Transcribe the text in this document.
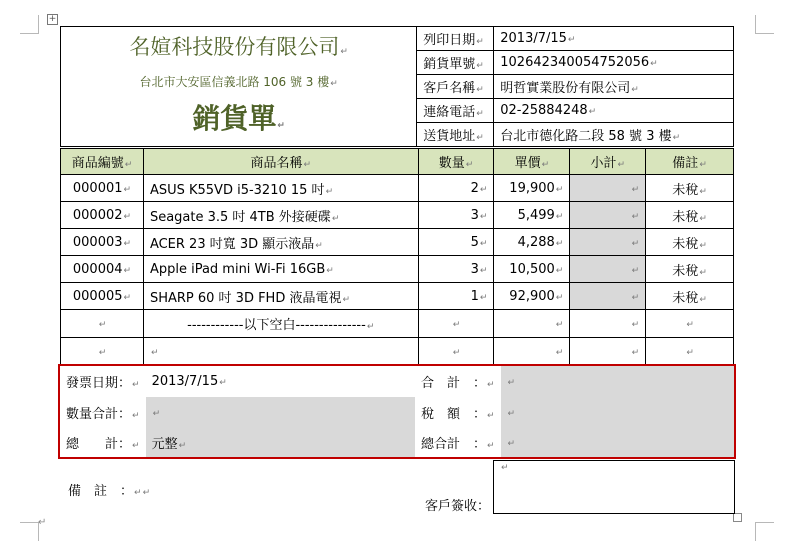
+
↵
名媗科技股份有限公司↵
台北市大安區信義北路 106 號 3 樓↵
銷貨單↵	列印日期↵	2013/7/15↵
	銷貨單號↵	102642340054752056↵
	客戶名稱↵	明哲實業股份有限公司↵
	連絡電話↵	02-25884248↵
	送貨地址↵	台北市德化路二段 58 號 3 樓↵
商品編號↵	商品名稱↵	數量↵	單價↵	小計↵	備註↵
000001↵	ASUS K55VD i5-3210 15 吋↵	2↵	19,900↵	↵	未稅↵
000002↵	Seagate 3.5 吋 4TB 外接硬碟↵	3↵	5,499↵	↵	未稅↵
000003↵	ACER 23 吋寬 3D 顯示液晶↵	5↵	4,288↵	↵	未稅↵
000004↵	Apple iPad mini Wi-Fi 16GB↵	3↵	10,500↵	↵	未稅↵
000005↵	SHARP 60 吋 3D FHD 液晶電視↵	1↵	92,900↵	↵	未稅↵
↵	------------以下空白---------------↵	↵	↵	↵	↵
↵	↵	↵	↵	↵	↵
發票日期：↵	2013/7/15↵	合　計　：↵	↵
數量合計：↵	↵	稅　額　：↵	↵
總　　計：↵	元整↵	總合計　：↵	↵
備　註　：↵↵
客戶簽收：
↵
